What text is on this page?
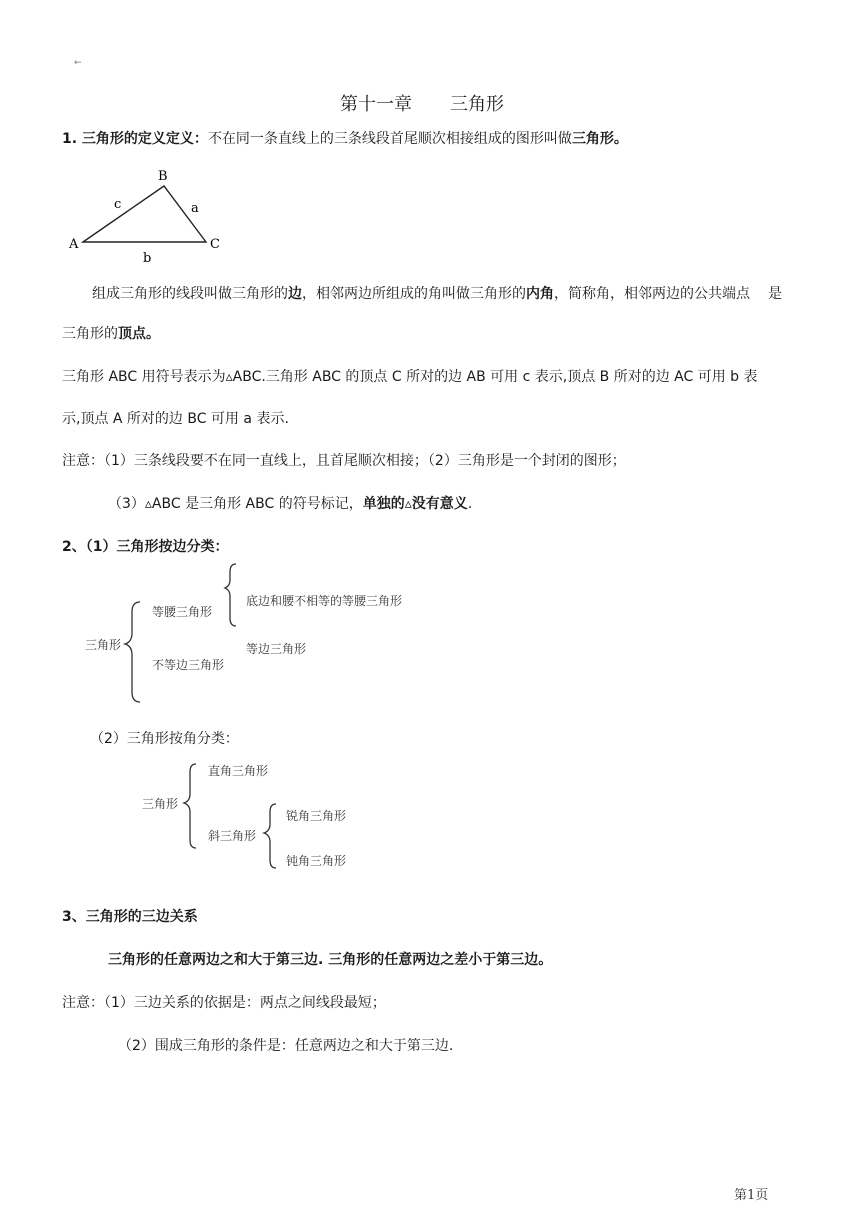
←
第十一章 三角形
1. 三角形的定义定义：不在同一条直线上的三条线段首尾顺次相接组成的图形叫做三角形。
A
B
C
a
b
c
组成三角形的线段叫做三角形的边，相邻两边所组成的角叫做三角形的内角，简称角，相邻两边的公共端点 是
三角形的顶点。
三角形 ABC 用符号表示为▵ABC.三角形 ABC 的顶点 C 所对的边 AB 可用 c 表示,顶点 B 所对的边 AC 可用 b 表
示,顶点 A 所对的边 BC 可用 a 表示.
注意：（1）三条线段要不在同一直线上，且首尾顺次相接；（2）三角形是一个封闭的图形；
（3）▵ABC 是三角形 ABC 的符号标记，单独的▵没有意义.
2、（1）三角形按边分类：
三角形
等腰三角形
不等边三角形
底边和腰不相等的等腰三角形
等边三角形
（2）三角形按角分类：
三角形
直角三角形
斜三角形
锐角三角形
钝角三角形
3、三角形的三边关系
三角形的任意两边之和大于第三边. 三角形的任意两边之差小于第三边。
注意：（1）三边关系的依据是：两点之间线段最短；
（2）围成三角形的条件是：任意两边之和大于第三边.
第1页
